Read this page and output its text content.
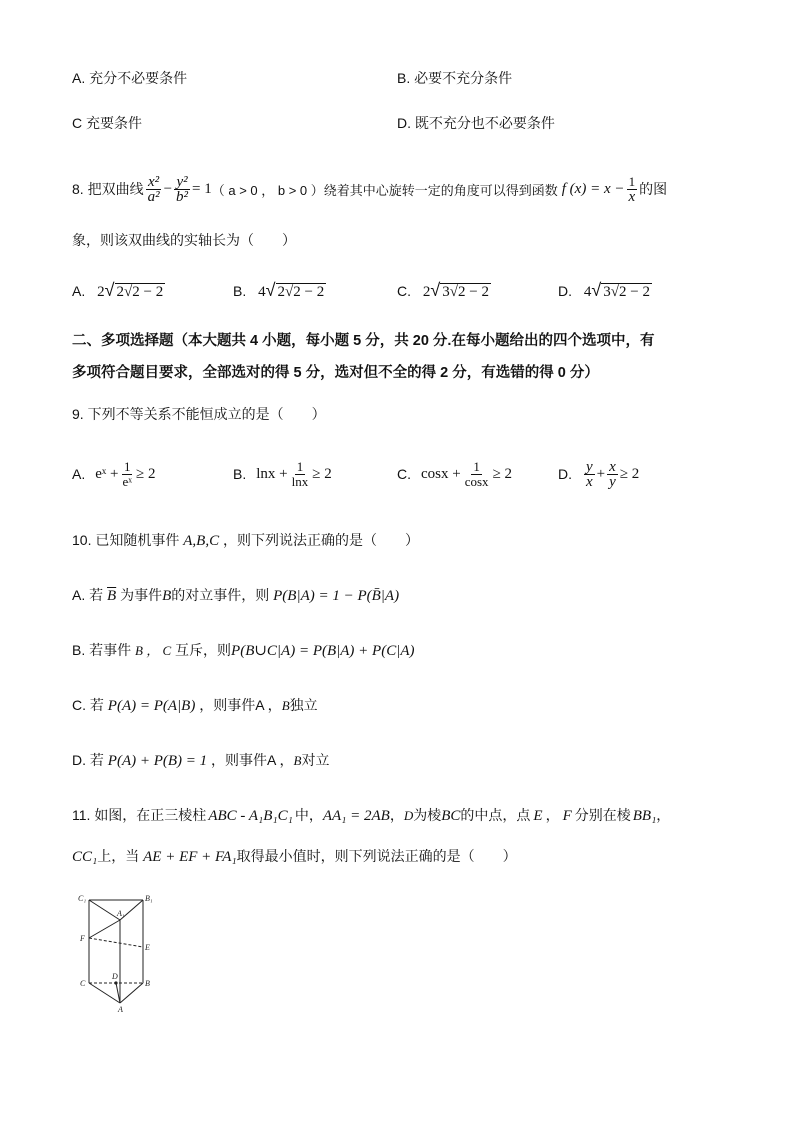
A. 充分不必要条件	B. 必要不充分条件
C 充要条件	D. 既不充分也不必要条件
8. 把双曲线 $\frac{\text{x²}}{\text{a²}} - \frac{\text{y²}}{\text{b²}} = 1$ （ a > 0 ， b > 0 ）绕着其中心旋转一定的角度可以得到函数 f $(x) = x - \frac{1}{x}$ 的图
象，则该双曲线的实轴长为（　　）
A. 2√ 2√2 − 2	B. 4√ 2√2 − 2	C. 2√ 3√2 − 2	D. 4√ 3√2 − 2
二、多项选择题（本大题共 4 小题，每小题 5 分，共 20 分.在每小题给出的四个选项中，有
多项符合题目要求，全部选对的得 5 分，选对但不全的得 2 分，有选错的得 0 分）
9. 下列不等关系不能恒成立的是（　　）
A. eˣ + $\frac{1}{\text{eˣ}} \ge 2$	B. $\ln x + \frac{1}{\ln x} \ge 2$	C. $\cos x + \frac{1}{\cos x} \ge 2$	D. $\frac{y}{x} + \frac{x}{y} \ge 2$
10. 已知随机事件 A,B,C ，则下列说法正确的是（　　）
A. 若 $\overline{B}$ 为事件B的对立事件，则 P(B|A) = 1 − P(B̄|A)
B. 若事件 B ， C 互斥，则P(B∪C|A) = P(B|A) + P(C|A)
C. 若 P(A) = P(A|B) ，则事件A ，B独立
D. 若 P(A) + P(B) = 1 ，则事件A ，B对立
11. 如图，在正三棱柱 ABC - A₁B₁C₁ 中，AA₁ = 2AB，D为棱BC的中点，点 E ， F 分别在棱 BB₁，
CC₁上，当 AE + EF + FA₁取得最小值时，则下列说法正确的是（　　）
C₁
A₁
B₁
F
E
C
D
B
A
